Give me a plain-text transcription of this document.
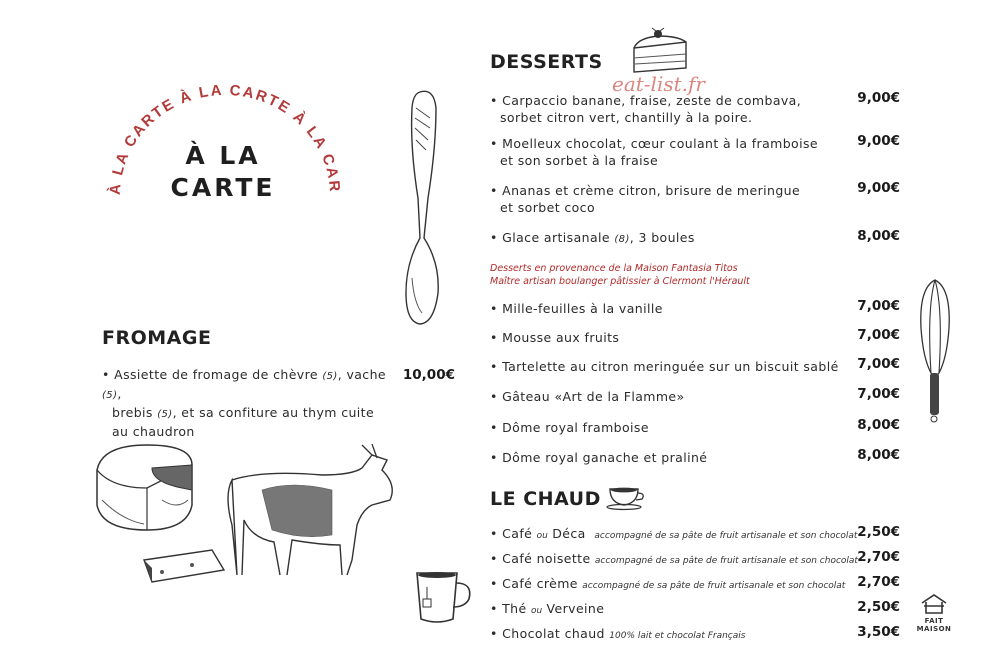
À LA CARTE À LA CARTE À LA CARTE À LA CARTE À LA CARTE
À LA
CARTE
FROMAGE
• Assiette de fromage de chèvre (5), vache (5),
brebis (5), et sa confiture au thym cuite
au chaudron
10,00€
DESSERTS
eat-list.fr
• Carpaccio banane, fraise, zeste de combava,
sorbet citron vert, chantilly à la poire.
9,00€
• Moelleux chocolat, cœur coulant à la framboise
et son sorbet à la fraise
9,00€
• Ananas et crème citron, brisure de meringue
et sorbet coco
9,00€
• Glace artisanale (8), 3 boules	8,00€
Desserts en provenance de la Maison Fantasia Titos
Maître artisan boulanger pâtissier à Clermont l'Hérault
• Mille-feuilles à la vanille	7,00€
• Mousse aux fruits	7,00€
• Tartelette au citron meringuée sur un biscuit sablé	7,00€
• Gâteau «Art de la Flamme»	7,00€
• Dôme royal framboise	8,00€
• Dôme royal ganache et praliné	8,00€
LE CHAUD
• Café ou Déca accompagné de sa pâte de fruit artisanale et son chocolat 2,50€
• Café noisette accompagné de sa pâte de fruit artisanale et son chocolat 2,70€
• Café crème accompagné de sa pâte de fruit artisanale et son chocolat 2,70€
• Thé ou Verveine	2,50€
• Chocolat chaud 100% lait et chocolat Français	3,50€
FAIT
MAISON
